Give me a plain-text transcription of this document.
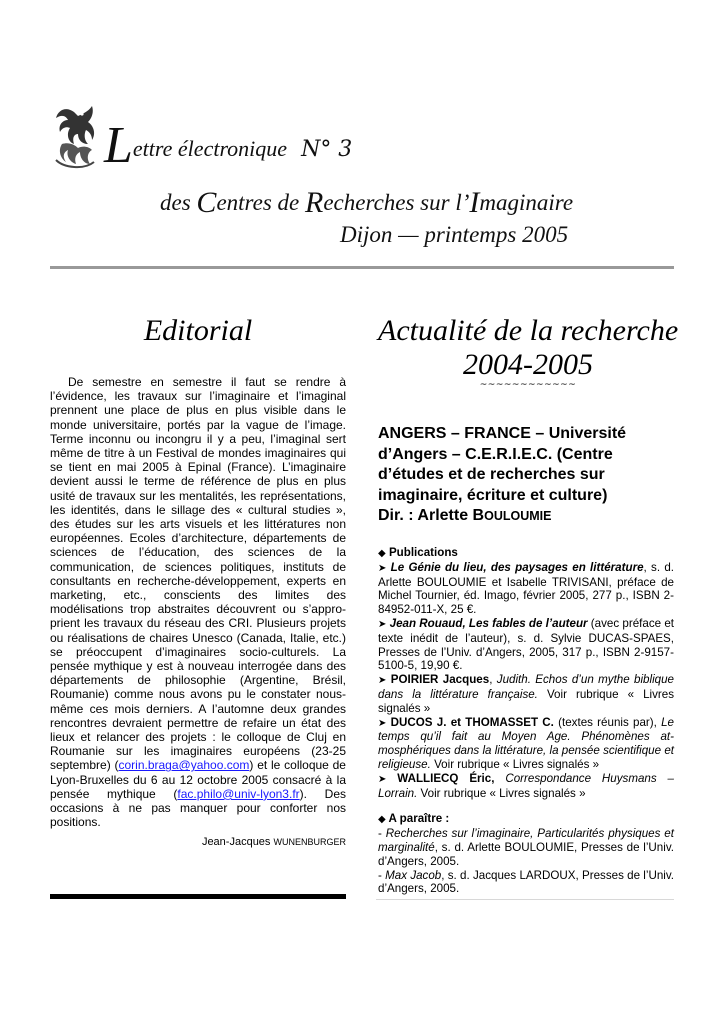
Lettre électronique N° 3
des Centres de Recherches sur l’Imaginaire
Dijon — printemps 2005
Editorial

De semestre en semestre il faut se rendre à l’évidence, les travaux sur l’imaginaire et l’imaginal prennent une place de plus en plus visible dans le monde universitaire, portés par la vague de l’image. Terme inconnu ou incongru il y a peu, l’imaginal sert même de titre à un Festival de mondes imaginaires qui se tient en mai 2005 à Epinal (France). L’imaginaire devient aussi le terme de référence de plus en plus usité de travaux sur les mentalités, les représentations, les identités, dans le sillage des « cultural studies », des études sur les arts visuels et les littératures non européennes. Ecoles d’architecture, départements de sciences de l’éducation, des sciences de la communication, de sciences politiques, instituts de consultants en recherche-développement, experts en marketing, etc., conscients des limites des modélisations trop abstraites découvrent ou s’approprient les travaux du réseau des CRI. Plusieurs projets ou réalisations de chaires Unesco (Canada, Italie, etc.) se préoccupent d’imaginaires socio-culturels. La pensée mythique y est à nouveau interrogée dans des départements de philosophie (Argentine, Brésil, Roumanie) comme nous avons pu le constater nous-même ces mois derniers. A l’automne deux grandes rencontres devraient permettre de refaire un état des lieux et relancer des projets : le colloque de Cluj en Roumanie sur les imaginaires européens (23-25 septembre) (corin.braga@yahoo.com) et le colloque de Lyon-Bruxelles du 6 au 12 octobre 2005 consacré à la pensée mythique (fac.philo@univ-lyon3.fr). Des occasions à ne pas manquer pour conforter nos positions.

Jean-Jacques WUNENBURGER
Actualité de la recherche
2004-2005
~~~~~~~~~~~~
ANGERS – FRANCE – Université d’Angers – C.E.R.I.E.C. (Centre d’études et de recherches sur imaginaire, écriture et culture)
Dir. : Arlette BOULOUMIE

◆ Publications

➤ Le Génie du lieu, des paysages en littérature, s. d. Arlette BOULOUMIE et Isabelle TRIVISANI, préface de Michel Tournier, éd. Imago, février 2005, 277 p., ISBN 2-84952-011-X, 25 €.

➤ Jean Rouaud, Les fables de l’auteur (avec préface et texte inédit de l’auteur), s. d. Sylvie DUCAS-SPAES, Presses de l’Univ. d’Angers, 2005, 317 p., ISBN 2-9157-5100-5, 19,90 €.

➤ POIRIER Jacques, Judith. Echos d’un mythe biblique dans la littérature française. Voir rubrique « Livres signalés »

➤ DUCOS J. et THOMASSET C. (textes réunis par), Le temps qu’il fait au Moyen Age. Phénomènes atmosphériques dans la littérature, la pensée scientifique et religieuse. Voir rubrique « Livres signalés »

➤ WALLIECQ Éric, Correspondance Huysmans – Lorrain. Voir rubrique « Livres signalés »

◆ A paraître :

- Recherches sur l’imaginaire, Particularités physiques et marginalité, s. d. Arlette BOULOUMIE, Presses de l’Univ. d’Angers, 2005.

- Max Jacob, s. d. Jacques LARDOUX, Presses de l’Univ. d’Angers, 2005.
